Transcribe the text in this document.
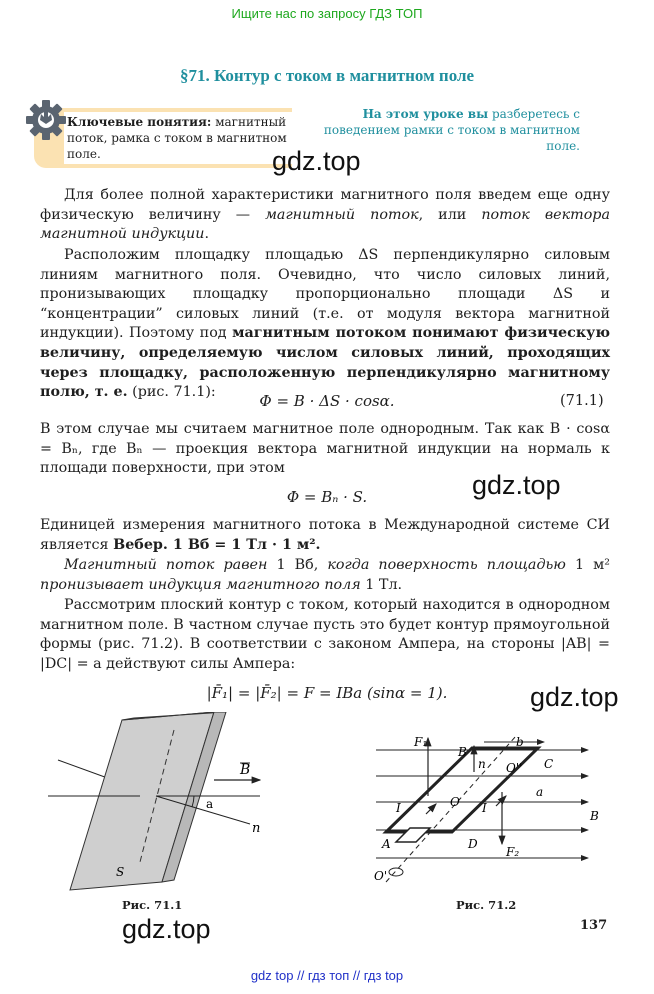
Ищите нас по запросу ГДЗ ТОП
§71. Контур с током в магнитном поле
Ключевые понятия: магнитный поток, рамка с током в магнитном поле.
На этом уроке вы разберетесь с поведением рамки с током в магнитном поле.
gdz.top
gdz.top
gdz.top
gdz.top
Для более полной характеристики магнитного поля введем еще одну физическую величину — магнитный поток, или поток вектора магнитной индукции.
Расположим площадку площадью ΔS перпендикулярно силовым линиям магнитного поля. Очевидно, что число силовых линий, пронизывающих площадку пропорционально площади ΔS и “концентрации” силовых линий (т.е. от модуля вектора магнитной индукции). Поэтому под магнитным потоком понимают физическую величину, определяемую числом силовых линий, проходящих через площадку, расположенную перпендикулярно магнитному полю, т. е. (рис. 71.1):	Φ = B · ΔS · cosα.	(71.1)
В этом случае мы считаем магнитное поле однородным. Так как B · cosα = Bₙ, где Bₙ — проекция вектора магнитной индукции на нормаль к площади поверхности, при этом
Φ = Bₙ · S.
Единицей измерения магнитного потока в Международной системе СИ является Вебер. 1 Вб = 1 Тл · 1 м².
Магнитный поток равен 1 Вб, когда поверхность площадью 1 м² пронизывает индукция магнитного поля 1 Тл.
Рассмотрим плоский контур с током, который находится в однородном магнитном поле. В частном случае пусть это будет контур прямоугольной формы (рис. 71.2). В соответствии с законом Ампера, на стороны |AB| = |DC| = a действуют силы Ампера:
|F̄₁| = |F̄₂| = F = IBa (sinα = 1).
B
a
n
S
Рис. 71.1
F₁
B
b
n O'' C
I	O I
a
B
A	D
F₂
O'
Рис. 71.2
137
gdz top // гдз топ // гдз top
